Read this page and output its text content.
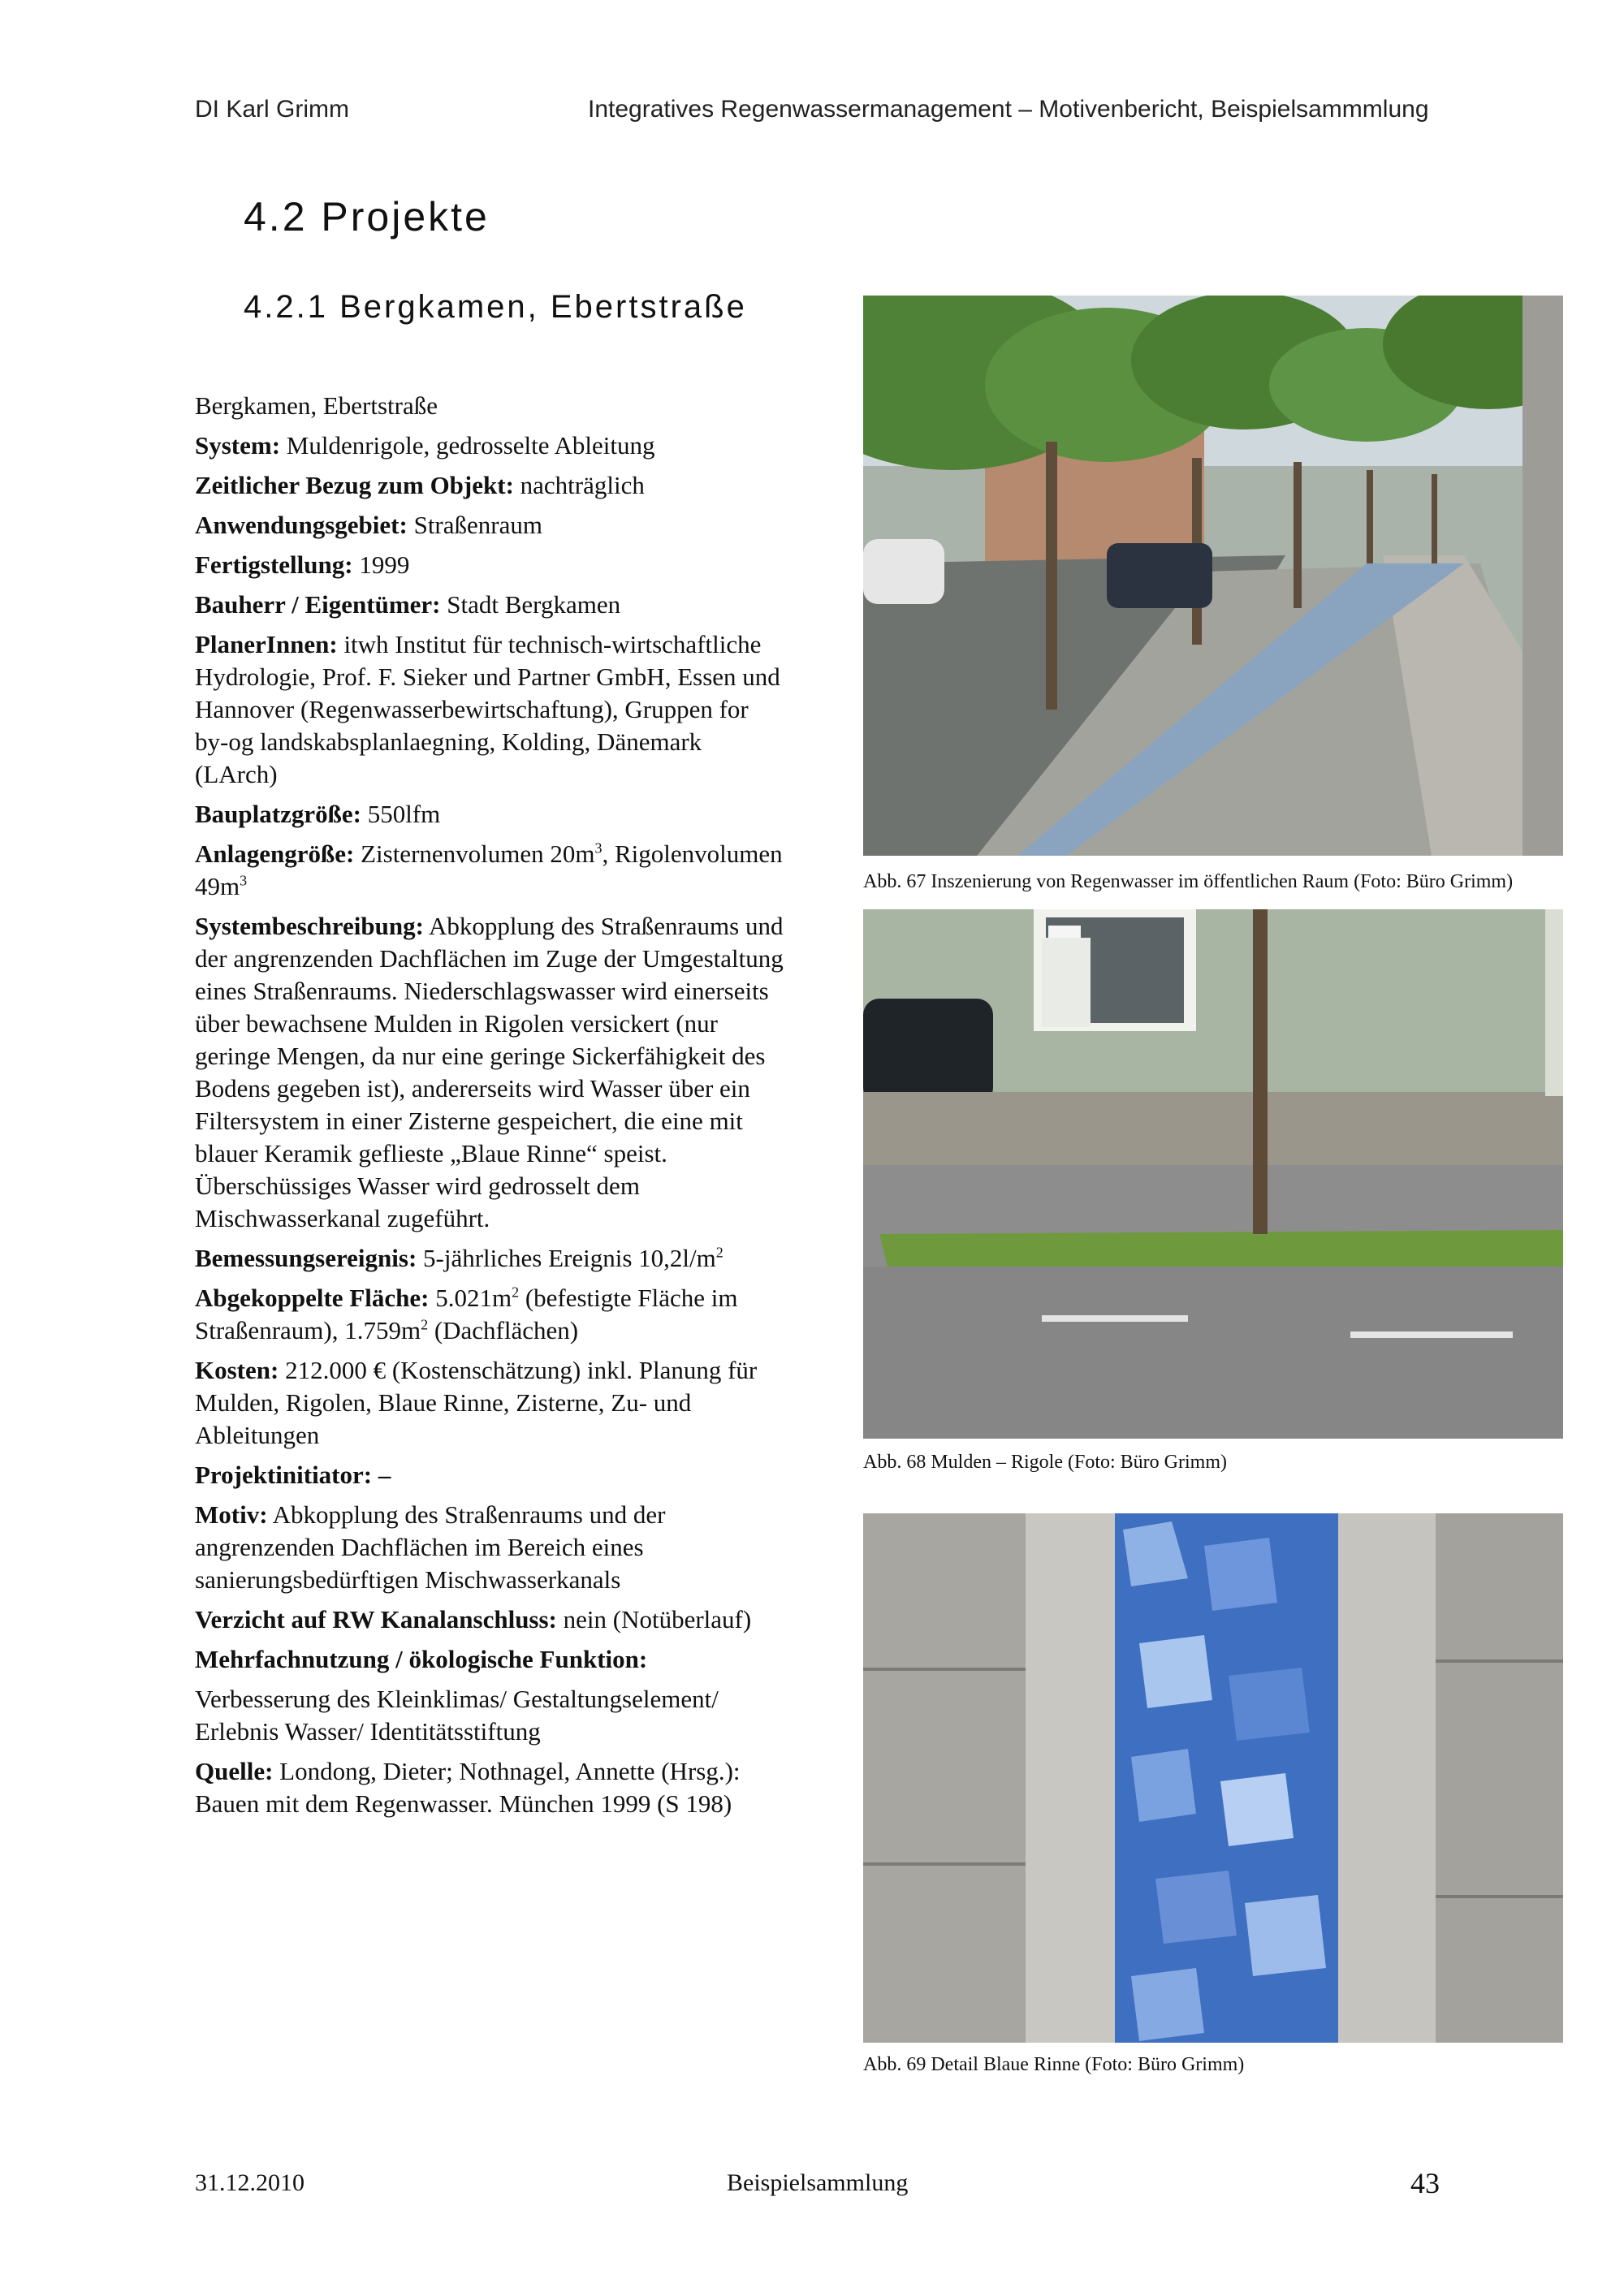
DI Karl Grimm	Integratives Regenwassermanagement – Motivenbericht, Beispielsammmlung
4.2 Projekte
4.2.1 Bergkamen, Ebertstraße

Bergkamen, Ebertstraße

System: Muldenrigole, gedrosselte Ableitung

Zeitlicher Bezug zum Objekt: nachträglich

Anwendungsgebiet: Straßenraum

Fertigstellung: 1999

Bauherr / Eigentümer: Stadt Bergkamen

PlanerInnen: itwh Institut für technisch-wirtschaftliche Hydrologie, Prof. F. Sieker und Partner GmbH, Essen und Hannover (Regenwasserbewirtschaftung), Gruppen for by-og landskabsplanlaegning, Kolding, Dänemark (LArch)

Bauplatzgröße: 550lfm

Anlagengröße: Zisternenvolumen $20m^3$, Rigolenvolumen $49m^3$

Systembeschreibung: Abkopplung des Straßenraums und der angrenzenden Dachflächen im Zuge der Umgestaltung eines Straßenraums. Niederschlagswasser wird einerseits über bewachsene Mulden in Rigolen versickert (nur geringe Mengen, da nur eine geringe Sickerfähigkeit des Bodens gegeben ist), andererseits wird Wasser über ein Filtersystem in einer Zisterne gespeichert, die eine mit blauer Keramik geflieste „Blaue Rinne“ speist. Überschüssiges Wasser wird gedrosselt dem Mischwasserkanal zugeführt.

Bemessungsereignis: 5-jährliches Ereignis $10,2l/m^2$

Abgekoppelte Fläche: $5.021m^2$ (befestigte Fläche im Straßenraum), $1.759m^2$ (Dachflächen)

Kosten: 212.000 € (Kostenschätzung) inkl. Planung für Mulden, Rigolen, Blaue Rinne, Zisterne, Zu- und Ableitungen

Projektinitiator: –

Motiv: Abkopplung des Straßenraums und der angrenzenden Dachflächen im Bereich eines sanierungsbedürftigen Mischwasserkanals

Verzicht auf RW Kanalanschluss: nein (Notüberlauf)

Mehrfachnutzung / ökologische Funktion:

Verbesserung des Kleinklimas/ Gestaltungselement/ Erlebnis Wasser/ Identitätsstiftung

Quelle: Londong, Dieter; Nothnagel, Annette (Hrsg.): Bauen mit dem Regenwasser. München 1999 (S 198)

Abb. 67 Inszenierung von Regenwasser im öffentlichen Raum (Foto: Büro Grimm)
Abb. 68 Mulden – Rigole (Foto: Büro Grimm)
Abb. 69 Detail Blaue Rinne (Foto: Büro Grimm)
31.12.2010	Beispielsammlung	43
